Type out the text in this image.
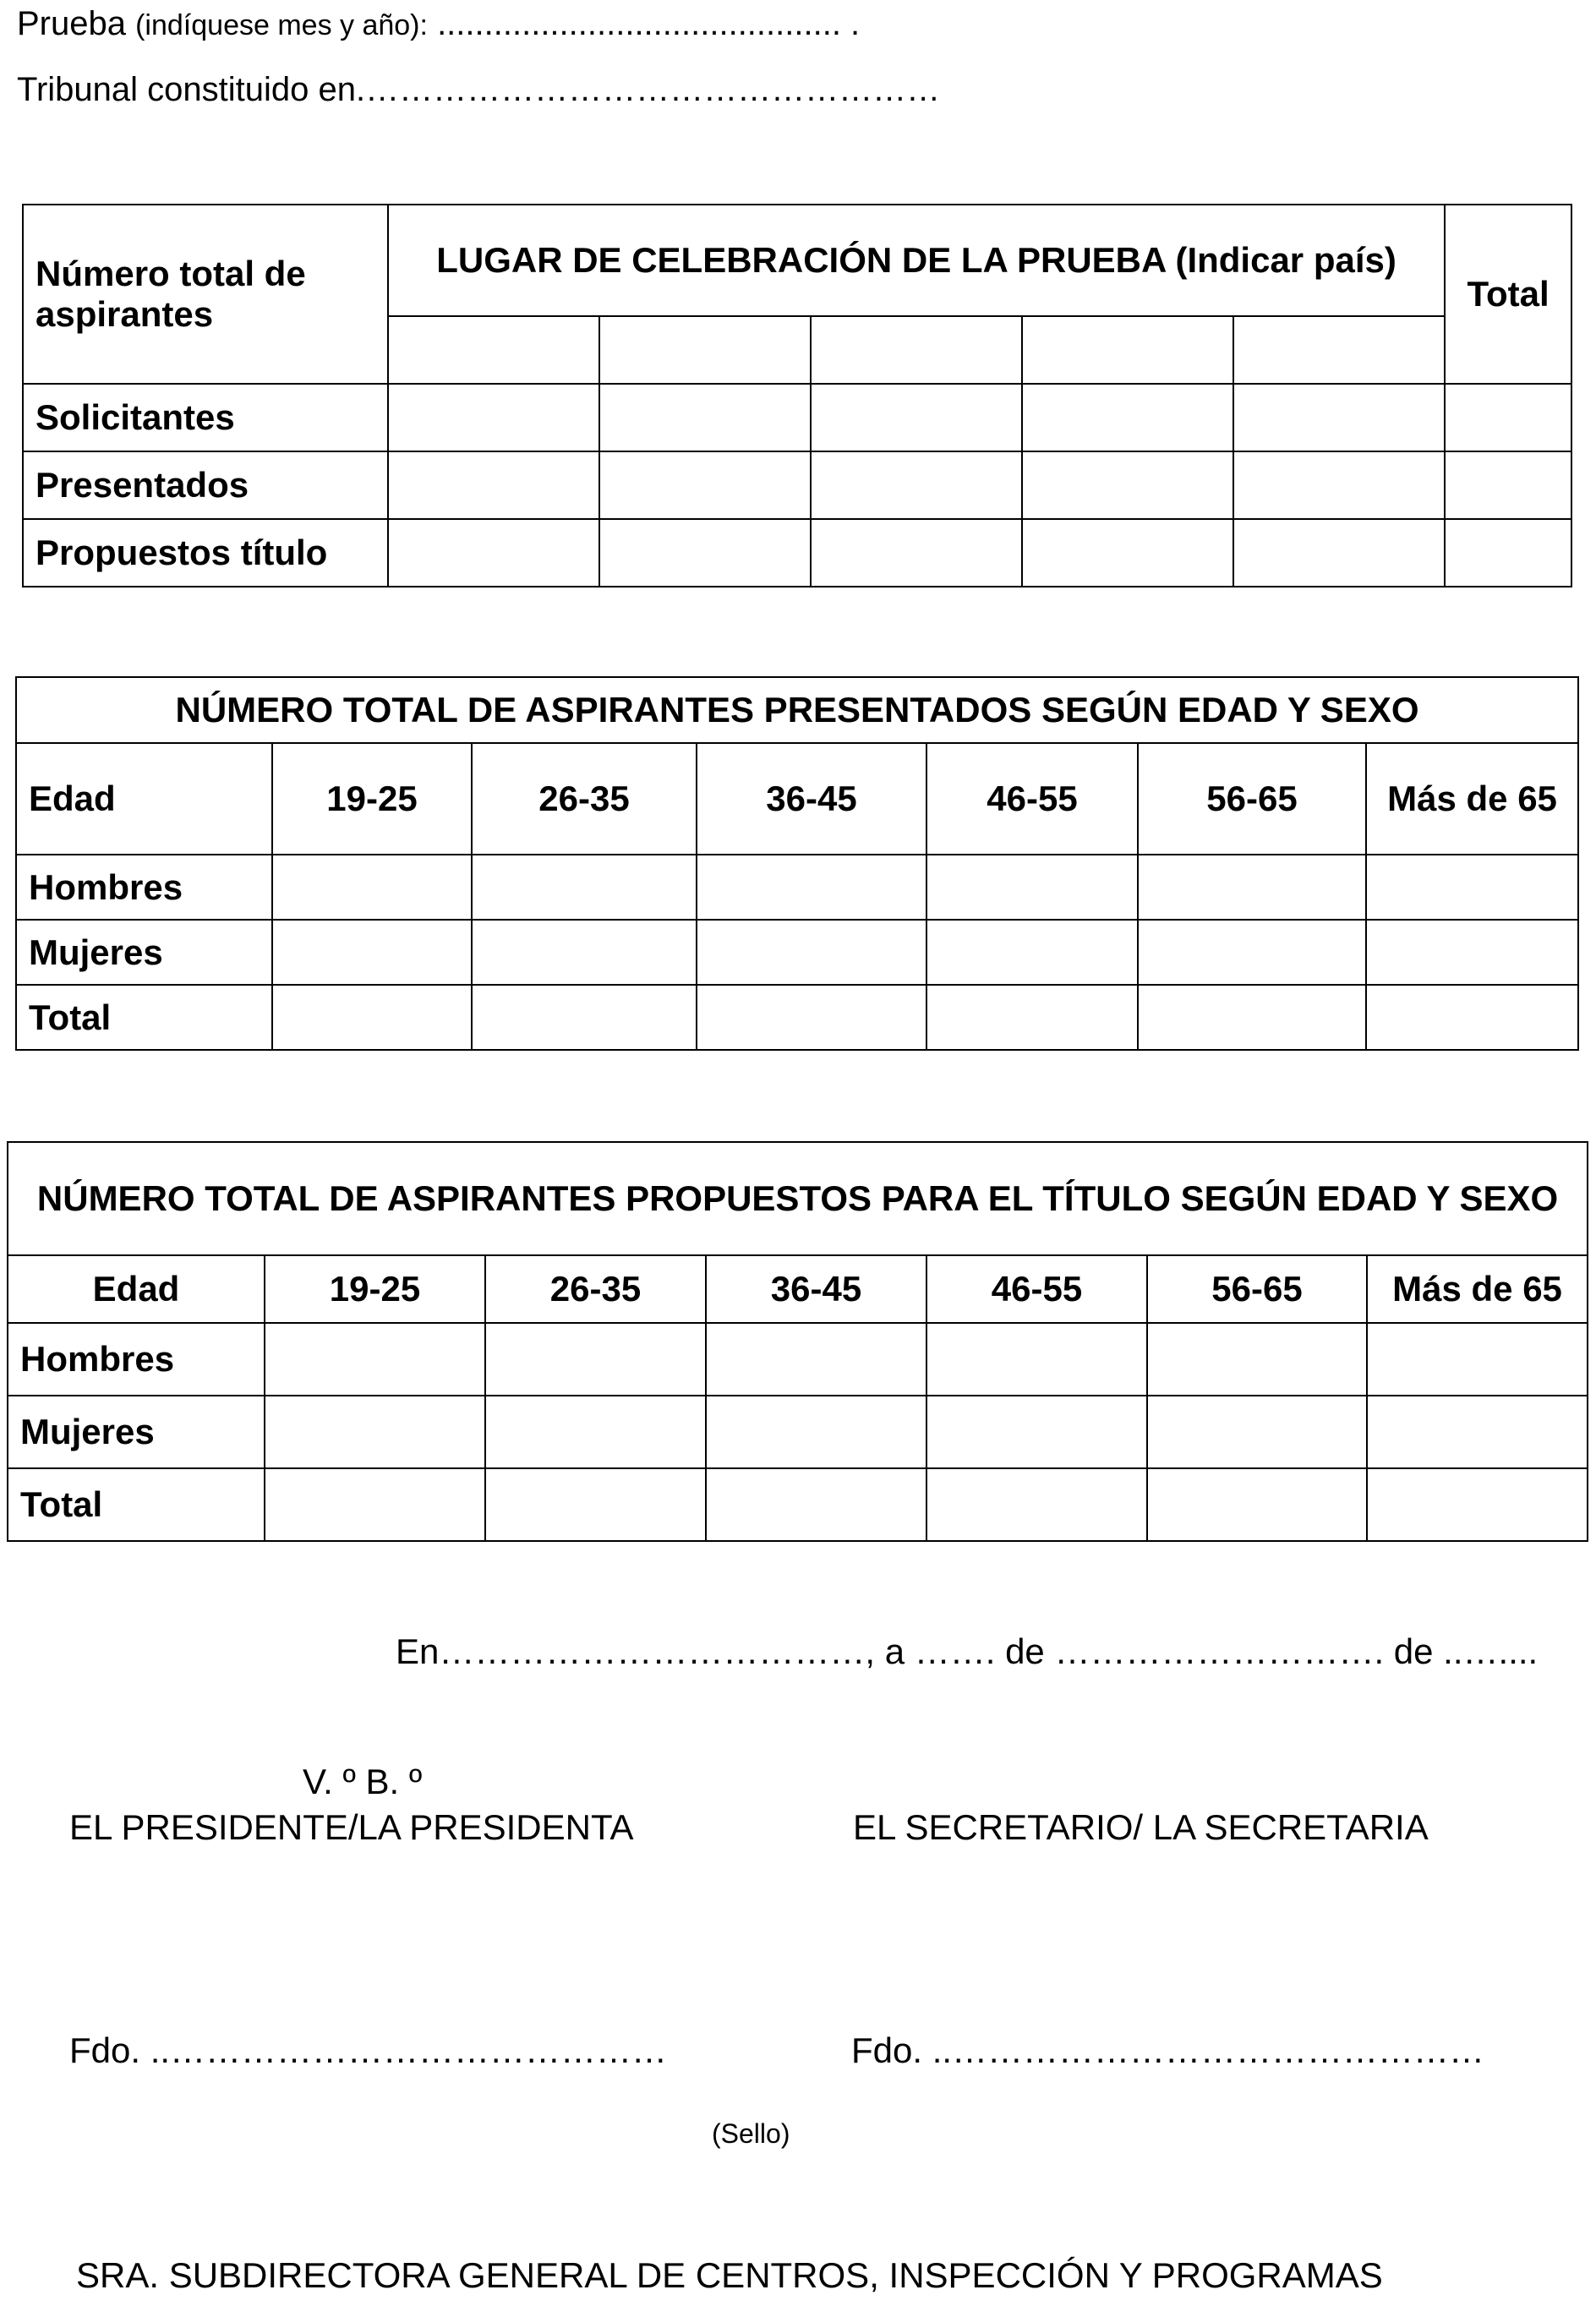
Prueba (indíquese mes y año): ........................................... .
Tribunal constituido en.……………………………………………
Número total de aspirantes	LUGAR DE CELEBRACIÓN DE LA PRUEBA (Indicar país)					Total

Solicitantes						
Presentados						
Propuestos título						
NÚMERO TOTAL DE ASPIRANTES PRESENTADOS SEGÚN EDAD Y SEXO						
Edad	19-25	26-35	36-45	46-55	56-65	Más de 65
Hombres						
Mujeres						
Total						
NÚMERO TOTAL DE ASPIRANTES PROPUESTOS PARA EL TÍTULO SEGÚN EDAD Y SEXO						
Edad	19-25	26-35	36-45	46-55	56-65	Más de 65
Hombres						
Mujeres						
Total						
En………………………………, a ……. de ………………………. de ..…....
V. º B. º
EL PRESIDENTE/LA PRESIDENTA	EL SECRETARIO/ LA SECRETARIA
Fdo. ..……………………………………	Fdo. ..………………………………………
(Sello)
SRA. SUBDIRECTORA GENERAL DE CENTROS, INSPECCIÓN Y PROGRAMAS
